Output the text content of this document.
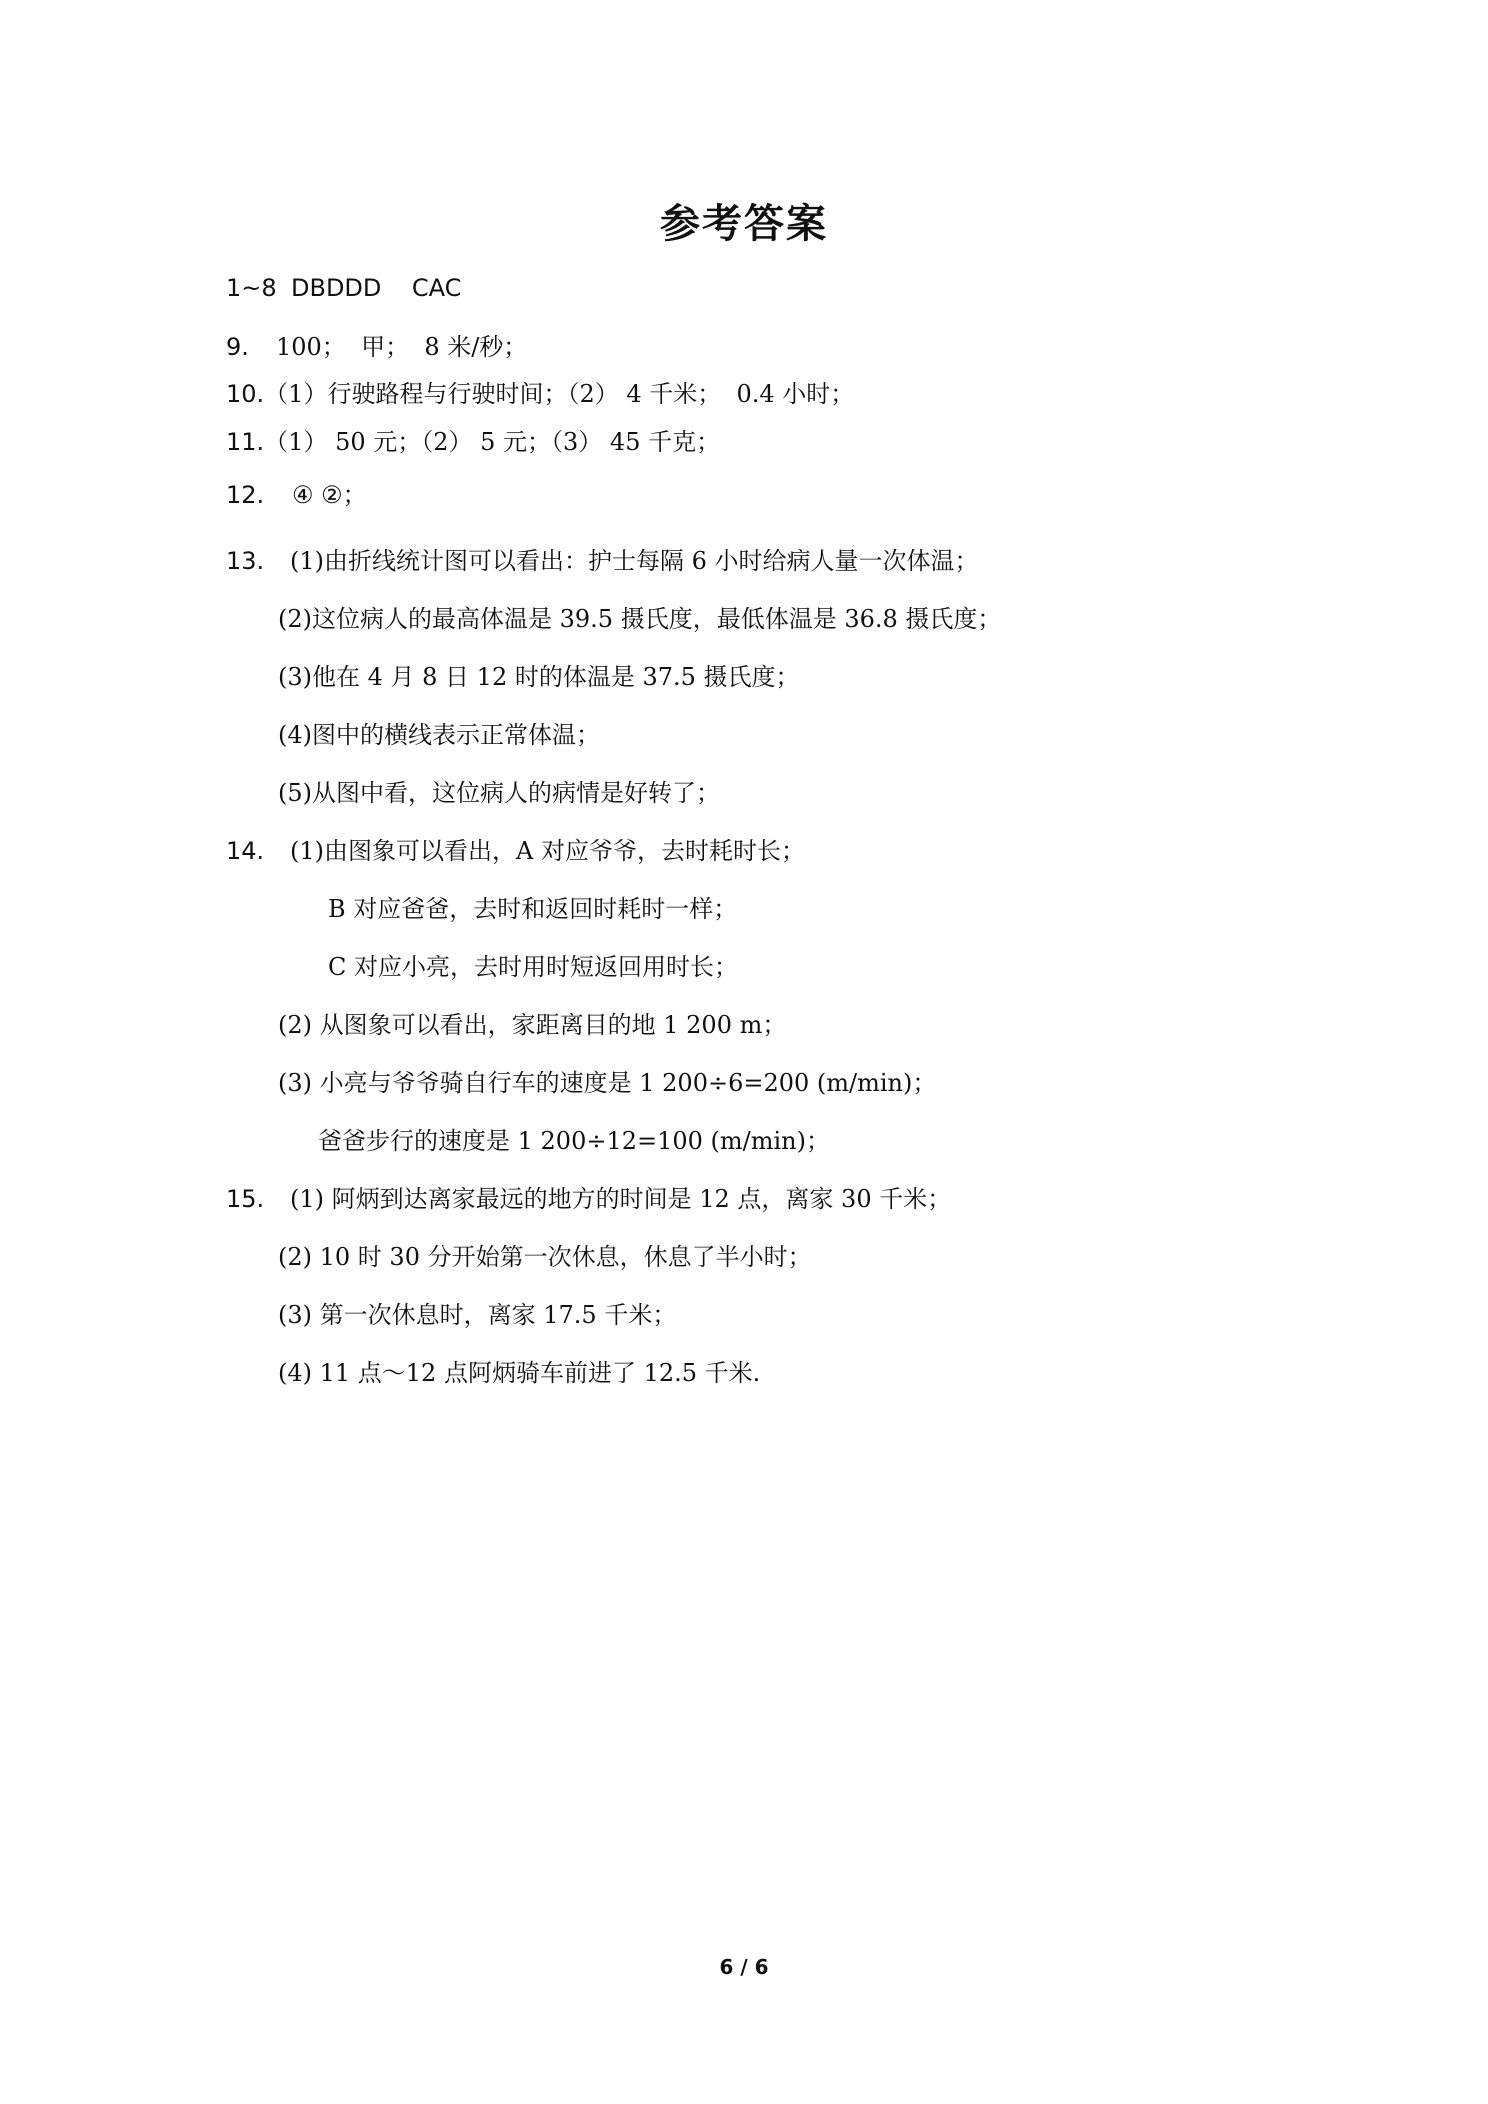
参考答案
1~8 DBDDD    CAC
9. 100；  甲；  8 米/秒；
10.（1）行驶路程与行驶时间；（2） 4 千米；  0.4 小时；
11.（1） 50 元；（2） 5 元；（3） 45 千克；
12. ④ ②；
13. (1)由折线统计图可以看出：护士每隔 6 小时给病人量一次体温；
(2)这位病人的最高体温是 39.5 摄氏度，最低体温是 36.8 摄氏度；
(3)他在 4 月 8 日 12 时的体温是 37.5 摄氏度；
(4)图中的横线表示正常体温；
(5)从图中看，这位病人的病情是好转了；
14. (1)由图象可以看出，A 对应爷爷，去时耗时长；
B 对应爸爸，去时和返回时耗时一样；
C 对应小亮，去时用时短返回用时长；
(2) 从图象可以看出，家距离目的地 1 200 m；
(3) 小亮与爷爷骑自行车的速度是 1 200÷6=200 (m/min)；
爸爸步行的速度是 1 200÷12=100 (m/min)；
15. (1) 阿炳到达离家最远的地方的时间是 12 点，离家 30 千米；
(2) 10 时 30 分开始第一次休息，休息了半小时；
(3) 第一次休息时，离家 17.5 千米；
(4) 11 点～12 点阿炳骑车前进了 12.5 千米.
6 / 6
